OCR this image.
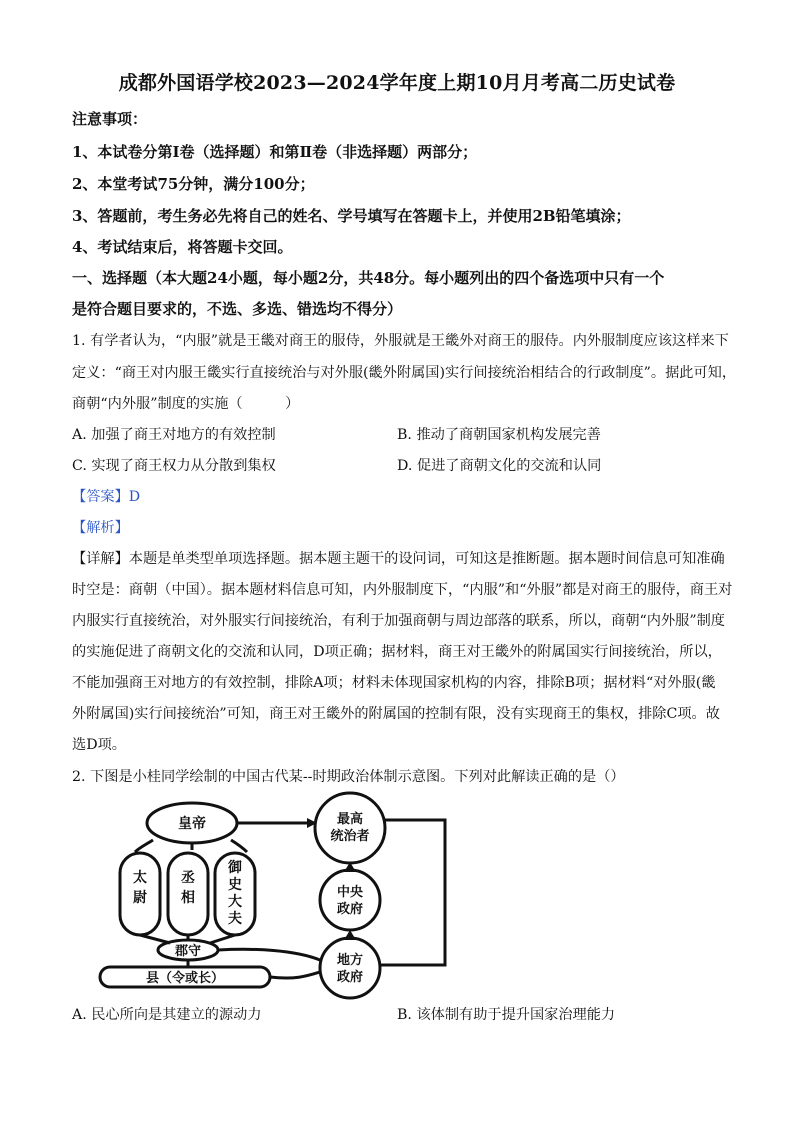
成都外国语学校2023—2024学年度上期10月月考高二历史试卷
注意事项：
1、本试卷分第Ⅰ卷（选择题）和第Ⅱ卷（非选择题）两部分；
2、本堂考试75分钟，满分100分；
3、答题前，考生务必先将自己的姓名、学号填写在答题卡上，并使用2B铅笔填涂；
4、考试结束后，将答题卡交回。
一、选择题（本大题24小题，每小题2分，共48分。每小题列出的四个备选项中只有一个
是符合题目要求的，不选、多选、错选均不得分）
1. 有学者认为，“内服”就是王畿对商王的服侍，外服就是王畿外对商王的服侍。内外服制度应该这样来下
定义：“商王对内服王畿实行直接统治与对外服(畿外附属国)实行间接统治相结合的行政制度”。据此可知，
商朝“内外服”制度的实施（　　　）
A. 加强了商王对地方的有效控制	B. 推动了商朝国家机构发展完善
C. 实现了商王权力从分散到集权	D. 促进了商朝文化的交流和认同
【答案】D
【解析】
【详解】本题是单类型单项选择题。据本题主题干的设问词，可知这是推断题。据本题时间信息可知准确
时空是：商朝（中国）。据本题材料信息可知，内外服制度下，“内服”和“外服”都是对商王的服侍，商王对
内服实行直接统治，对外服实行间接统治，有利于加强商朝与周边部落的联系，所以，商朝“内外服”制度
的实施促进了商朝文化的交流和认同，D项正确；据材料，商王对王畿外的附属国实行间接统治，所以，
不能加强商王对地方的有效控制，排除A项；材料未体现国家机构的内容，排除B项；据材料“对外服(畿
外附属国)实行间接统治”可知，商王对王畿外的附属国的控制有限，没有实现商王的集权，排除C项。故
选D项。
2. 下图是小桂同学绘制的中国古代某--时期政治体制示意图。下列对此解读正确的是（）
皇帝
太
尉
丞
相
御
史
大
夫
郡守
县（令或长）
最高
统治者
中央
政府
地方
政府
A. 民心所向是其建立的源动力	B. 该体制有助于提升国家治理能力
